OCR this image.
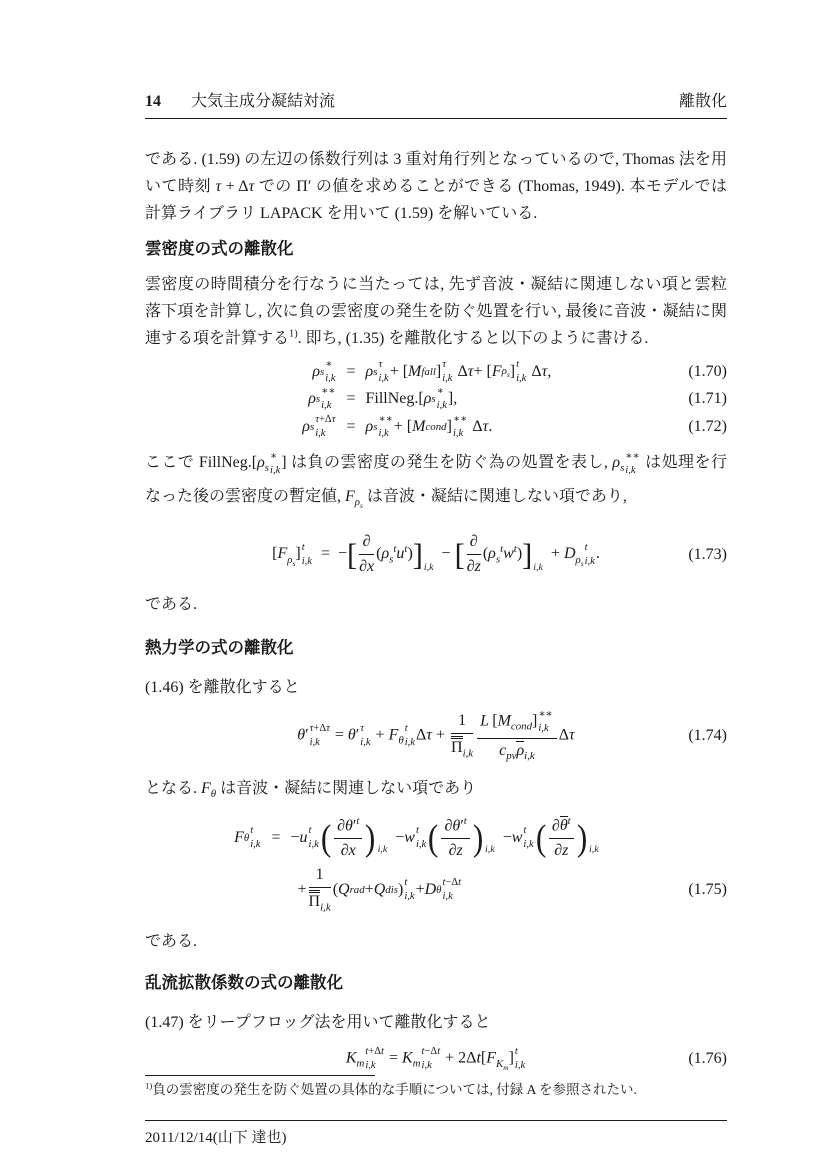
14 大気主成分凝結対流	離散化

である. (1.59) の左辺の係数行列は 3 重対角行列となっているので, Thomas 法を用いて時刻 τ + Δτ での Π′ の値を求めることができる (Thomas, 1949). 本モデルでは計算ライブラリ LAPACK を用いて (1.59) を解いている.

雲密度の式の離散化

雲密度の時間積分を行なうに当たっては, 先ず音波・凝結に関連しない項と雲粒落下項を計算し, 次に負の雲密度の発生を防ぐ処置を行い, 最後に音波・凝結に関連する項を計算する$^{1)}$. 即ち, (1.35) を離散化すると以下のように書ける.

ρ s
∗
i,k = ρ s
τ
i,k + [ M fall ] τ
i,k Δ τ + [ F $\rho_s$ ] t
i,k Δ τ ,	(1.70)
ρ s
∗∗
i,k = FillNeg.[ ρ s
∗
i,k ],	(1.71)
ρ s
τ+Δτ
i,k	= ρ s
∗∗
i,k + [ M cond ] ∗∗
i,k Δ τ .	(1.72)

ここで $FillNeg.[\rho_s$
∗
i,k ] は負の雲密度の発生を防ぐ為の処置を表し, $\rho_s$
∗∗
i,k は処理を行なった後の雲密度の暫定値, $F_{\rho_s}$ は音波・凝結に関連しない項であり,

$[F_{\rho_s}]$ t
i,k =  −[ ∂
∂x
$(\rho_s^tu^t)]_{i,k}$  − [ ∂
∂z
$(\rho_s^tw^t)]_{i,k} + D_{\rho_s}$
t
i,k .	(1.73)

である.

熱力学の式の離散化

(1.46) を離散化すると

θ′ τ+Δτ
i,k = θ′ τ
$i,k + F_\theta$
t
i,k $\Delta\tau + \frac{1}{\Pi_{i,k}}$ L $[M_{cond}]$ ∗∗
i,k
$c_{pv}\rho_{i,k}$
Δτ	(1.74)

となる. $F_\theta$ は音波・凝結に関連しない項であり

F θ
t
i,k = − u t
i,k ( $\partial\theta'^t$
∂x ) i,k
− w t
i,k ( $\partial\theta'^t$
∂z ) i,k
− w t
i,k ( $\partial\theta^t$
∂z ) i,k
+
1
$\Pi_{i,k}$
( Q rad + Q dis ) t
i,k + D θ
t−Δt
i,k	(1.75)

である.

乱流拡散係数の式の離散化

(1.47) をリープフロッグ法を用いて離散化すると

$K_m$
t+Δt
$i,k = K_m$
t−Δt
$i,k + 2\Delta t[F_{K_m}]$ t
i,k	(1.76)

$^{1)}$負の雲密度の発生を防ぐ処置の具体的な手順については, 付録 A を参照されたい.

2011/12/14(山下 達也)
